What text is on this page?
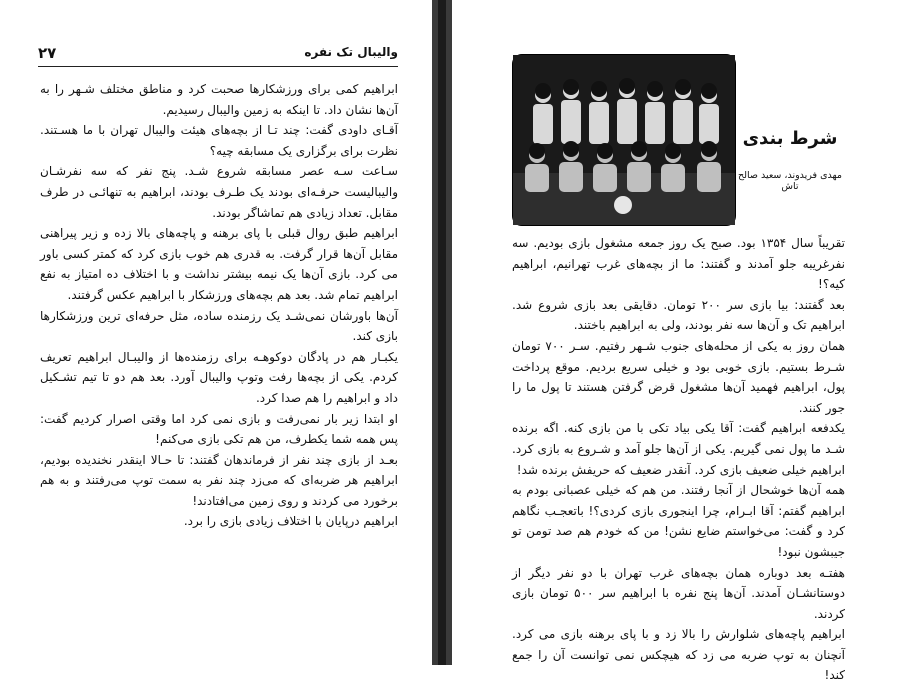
۲۷	والیبال تک نفره

ابراهیم کمی برای ورزشکارها صحبت کرد و مناطق مختلف شـهر را به آن‌ها نشان داد. تا اینکه به زمین والیبال رسیدیم.

آقـای داودی گفت: چند تـا از بچه‌های هیئت والیبال تهران با ما هسـتند. نظرت برای برگزاری یک مسابقه چیه؟

سـاعت سـه عصر مسابقه شروع شـد. پنج نفر که سه نفرشـان والیبالیست حرفـه‌ای بودند یک طـرف بودند، ابراهیم به تنهائـی در طرف مقابل. تعداد زیادی هم تماشاگر بودند.

ابراهیم طبق روال قبلی با پای برهنه و پاچه‌های بالا زده و زیر پیراهنی مقابل آن‌ها قرار گرفت. به قدری هم خوب بازی کرد که کمتر کسی باور می کرد. بازی آن‌ها یک نیمه بیشتر نداشت و با اختلاف ده امتیاز به نفع ابراهیم تمام شد. بعد هم بچه‌های ورزشکار با ابراهیم عکس گرفتند.

آن‌ها باورشان نمی‌شـد یک رزمنده ساده، مثل حرفه‌ای ترین ورزشکارها بازی کند.

یکبـار هم در پادگان دوکوهـه برای رزمنده‌ها از والیبـال ابراهیم تعریف کردم. یکی از بچه‌ها رفت وتوپ والیبال آورد. بعد هم دو تا تیم تشـکیل داد و ابراهیم را هم صدا کرد.

او ابتدا زیر بار نمی‌رفت و بازی نمی کرد اما وقتی اصرار کردیم گفت: پس همه شما یکطرف، من هم تکی بازی می‌کنم!

بعـد از بازی چند نفر از فرماندهان گفتند: تا حـالا اینقدر نخندیده بودیم، ابراهیم هر ضربه‌ای که می‌زد چند نفر به سمت توپ می‌رفتند و به هم برخورد می کردند و روی زمین می‌افتادند!

ابراهیم درپایان با اختلاف زیادی بازی را برد.

شرط بندی
مهدی فریدوند، سعید صالح تاش

تقریباً سال ۱۳۵۴ بود. صبح یک روز جمعه مشغول بازی بودیم. سه نفرغریبه جلو آمدند و گفتند: ما از بچه‌های غرب تهرانیم، ابراهیم کیه؟!

بعد گفتند: بیا بازی سر ۲۰۰ تومان. دقایقی بعد بازی شروع شد. ابراهیم تک و آن‌ها سه نفر بودند، ولی به ابراهیم باختند.

همان روز به یکی از محله‌های جنوب شـهر رفتیم. سـر ۷۰۰ تومان شـرط بستیم. بازی خوبی بود و خیلی سریع بردیم. موقع پرداخت پول، ابراهیم فهمید آن‌ها مشغول قرض گرفتن هستند تا پول ما را جور کنند.

یکدفعه ابراهیم گفت: آقا یکی بیاد تکی با من بازی کنه. اگه برنده شـد ما پول نمی گیریم. یکی از آن‌ها جلو آمد و شـروع به بازی کرد. ابراهیم خیلی ضعیف بازی کرد. آنقدر ضعیف که حریفش برنده شد!

همه آن‌ها خوشحال از آنجا رفتند. من هم که خیلی عصبانی بودم به ابراهیم گفتم: آقا ابـرام، چرا اینجوری بازی کردی؟! باتعجـب نگاهم کرد و گفت: می‌خواستم ضایع نشن! من که خودم هم صد تومن تو جیبشون نبود!

هفتـه بعد دوباره همان بچه‌های غرب تهران با دو نفر دیگر از دوستانشـان آمدند. آن‌ها پنج نفره با ابراهیم سر ۵۰۰ تومان بازی کردند.

ابراهیم پاچه‌های شلوارش را بالا زد و با پای برهنه بازی می کرد. آنچنان به توپ ضربه می زد که هیچکس نمی توانست آن را جمع کند!
